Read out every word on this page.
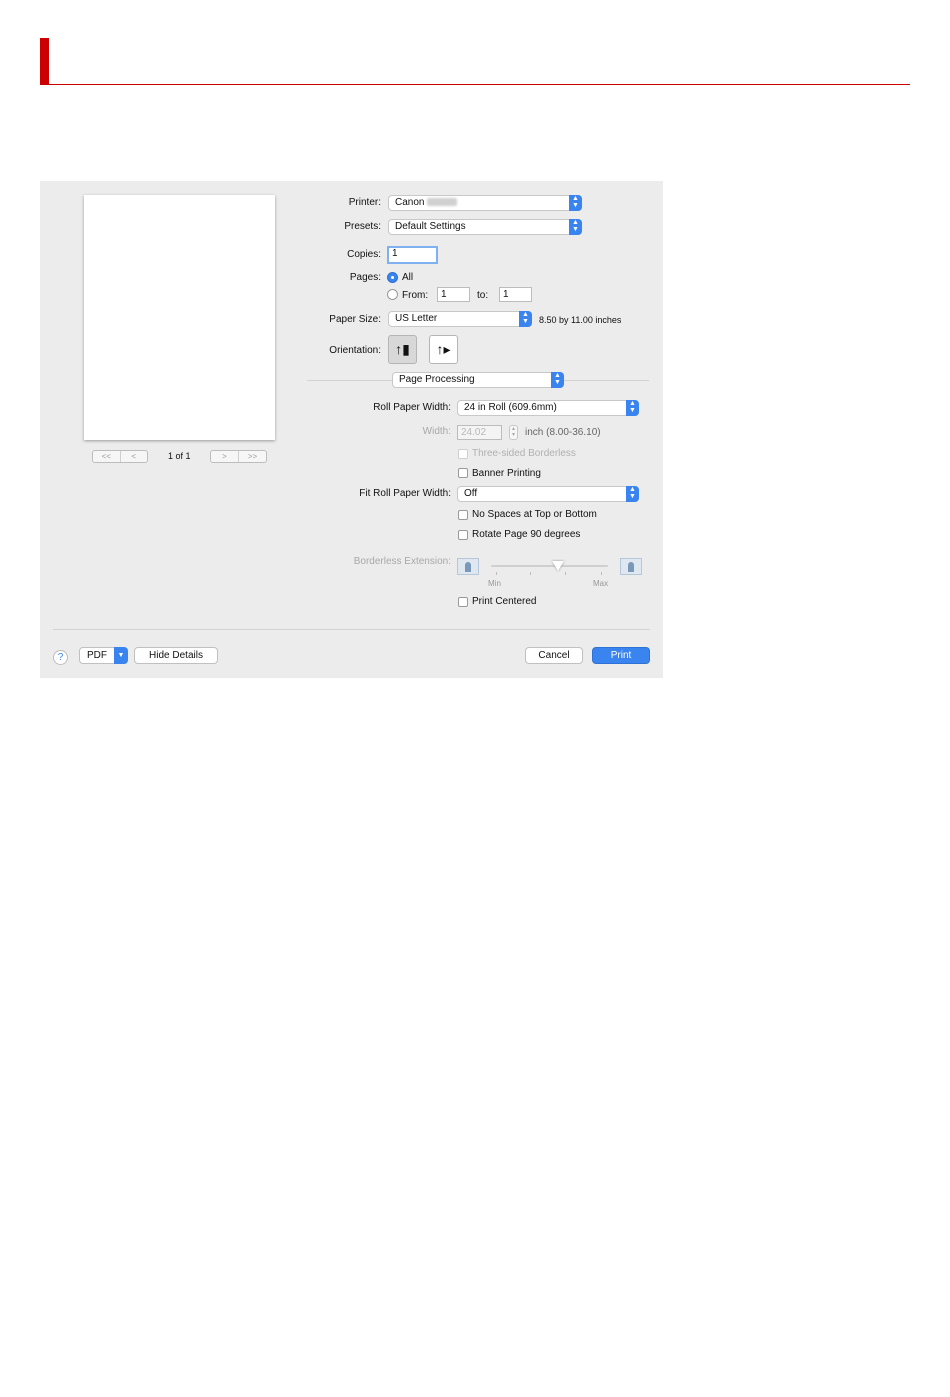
<<	<	1 of 1	>	>>
Printer: Canon	▲
▼
Presets: Default Settings	▲
▼
Copies:	1
Pages: All
From:	1	to:	1
Paper Size: US Letter	▲
▼	8.50 by 11.00 inches
Orientation:	↑▮	↑▸
Page Processing	▲
▼
Roll Paper Width: 24 in Roll (609.6mm)	▲
▼
Width:	24.02	▴
▾	inch (8.00-36.10)
Three-sided Borderless
Banner Printing
Fit Roll Paper Width: Off	▲
▼
No Spaces at Top or Bottom
Rotate Page 90 degrees
Borderless Extension:
Min	Max
Print Centered
?	PDF	▼	Hide Details	Cancel	Print
